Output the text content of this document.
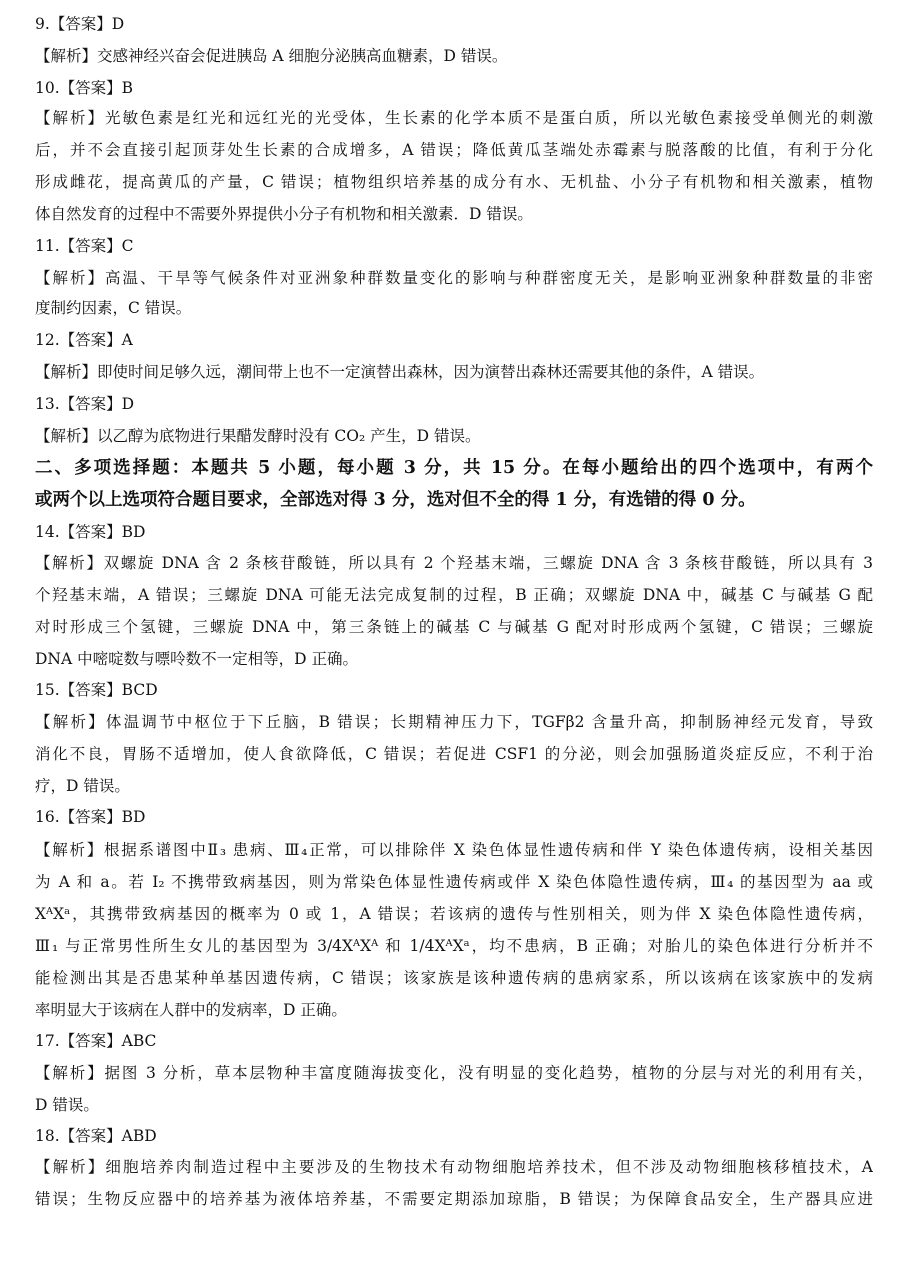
9.【答案】D
【解析】交感神经兴奋会促进胰岛 A 细胞分泌胰高血糖素，D 错误。
10.【答案】B
【解析】光敏色素是红光和远红光的光受体，生长素的化学本质不是蛋白质，所以光敏色素接受单侧光的刺激
后，并不会直接引起顶芽处生长素的合成增多，A 错误；降低黄瓜茎端处赤霉素与脱落酸的比值，有利于分化
形成雌花，提高黄瓜的产量，C 错误；植物组织培养基的成分有水、无机盐、小分子有机物和相关激素，植物
体自然发育的过程中不需要外界提供小分子有机物和相关激素．D 错误。
11.【答案】C
【解析】高温、干旱等气候条件对亚洲象种群数量变化的影响与种群密度无关，是影响亚洲象种群数量的非密
度制约因素，C 错误。
12.【答案】A
【解析】即使时间足够久远，潮间带上也不一定演替出森林，因为演替出森林还需要其他的条件，A 错误。
13.【答案】D
【解析】以乙醇为底物进行果醋发酵时没有 CO₂ 产生，D 错误。
二、多项选择题：本题共 5 小题，每小题 3 分，共 15 分。在每小题给出的四个选项中，有两个
或两个以上选项符合题目要求，全部选对得 3 分，选对但不全的得 1 分，有选错的得 0 分。
14.【答案】BD
【解析】双螺旋 DNA 含 2 条核苷酸链，所以具有 2 个羟基末端，三螺旋 DNA 含 3 条核苷酸链，所以具有 3
个羟基末端，A 错误；三螺旋 DNA 可能无法完成复制的过程，B 正确；双螺旋 DNA 中，碱基 C 与碱基 G 配
对时形成三个氢键，三螺旋 DNA 中，第三条链上的碱基 C 与碱基 G 配对时形成两个氢键，C 错误；三螺旋
DNA 中嘧啶数与嘌呤数不一定相等，D 正确。
15.【答案】BCD
【解析】体温调节中枢位于下丘脑，B 错误；长期精神压力下，TGFβ2 含量升高，抑制肠神经元发育，导致
消化不良，胃肠不适增加，使人食欲降低，C 错误；若促进 CSF1 的分泌，则会加强肠道炎症反应，不利于治
疗，D 错误。
16.【答案】BD
【解析】根据系谱图中Ⅱ₃ 患病、Ⅲ₄正常，可以排除伴 X 染色体显性遗传病和伴 Y 染色体遗传病，设相关基因
为 A 和 a。若 I₂ 不携带致病基因，则为常染色体显性遗传病或伴 X 染色体隐性遗传病，Ⅲ₄ 的基因型为 aa 或
XᴬXᵃ，其携带致病基因的概率为 0 或 1，A 错误；若该病的遗传与性别相关，则为伴 X 染色体隐性遗传病，
Ⅲ₁ 与正常男性所生女儿的基因型为 3/4XᴬXᴬ 和 1/4XᴬXᵃ，均不患病，B 正确；对胎儿的染色体进行分析并不
能检测出其是否患某种单基因遗传病，C 错误；该家族是该种遗传病的患病家系，所以该病在该家族中的发病
率明显大于该病在人群中的发病率，D 正确。
17.【答案】ABC
【解析】据图 3 分析，草本层物种丰富度随海拔变化，没有明显的变化趋势，植物的分层与对光的利用有关，
D 错误。
18.【答案】ABD
【解析】细胞培养肉制造过程中主要涉及的生物技术有动物细胞培养技术，但不涉及动物细胞核移植技术，A
错误；生物反应器中的培养基为液体培养基，不需要定期添加琼脂，B 错误；为保障食品安全，生产器具应进
